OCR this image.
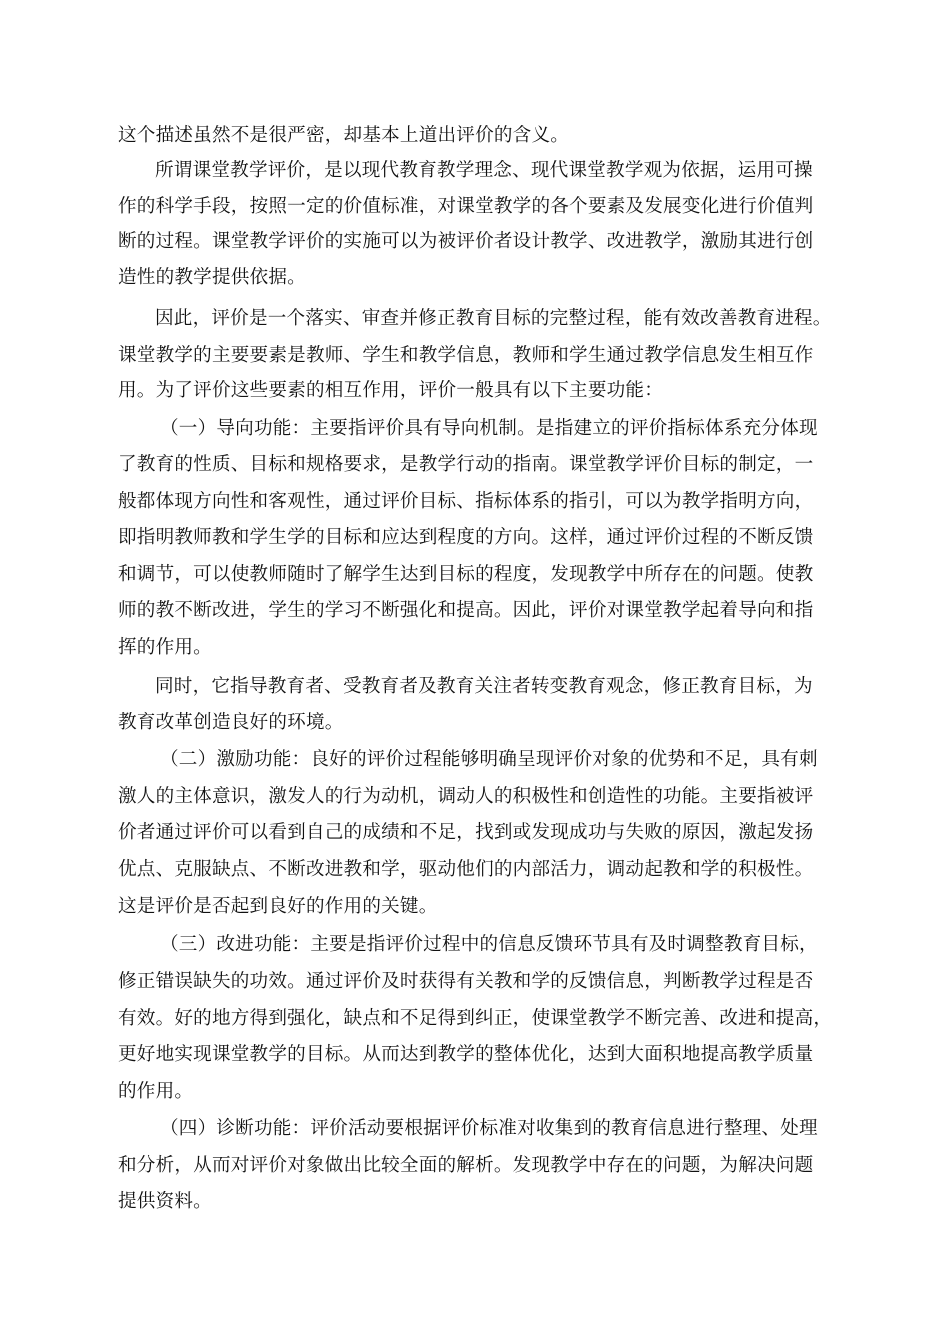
这个描述虽然不是很严密，却基本上道出评价的含义。

所谓课堂教学评价，是以现代教育教学理念、现代课堂教学观为依据，运用可操

作的科学手段，按照一定的价值标准，对课堂教学的各个要素及发展变化进行价值判

断的过程。课堂教学评价的实施可以为被评价者设计教学、改进教学，激励其进行创

造性的教学提供依据。

因此，评价是一个落实、审查并修正教育目标的完整过程，能有效改善教育进程。

课堂教学的主要要素是教师、学生和教学信息，教师和学生通过教学信息发生相互作

用。为了评价这些要素的相互作用，评价一般具有以下主要功能：

（一）导向功能：主要指评价具有导向机制。是指建立的评价指标体系充分体现

了教育的性质、目标和规格要求，是教学行动的指南。课堂教学评价目标的制定，一

般都体现方向性和客观性，通过评价目标、指标体系的指引，可以为教学指明方向，

即指明教师教和学生学的目标和应达到程度的方向。这样，通过评价过程的不断反馈

和调节，可以使教师随时了解学生达到目标的程度，发现教学中所存在的问题。使教

师的教不断改进，学生的学习不断强化和提高。因此，评价对课堂教学起着导向和指

挥的作用。

同时，它指导教育者、受教育者及教育关注者转变教育观念，修正教育目标，为

教育改革创造良好的环境。

（二）激励功能：良好的评价过程能够明确呈现评价对象的优势和不足，具有刺

激人的主体意识，激发人的行为动机，调动人的积极性和创造性的功能。主要指被评

价者通过评价可以看到自己的成绩和不足，找到或发现成功与失败的原因，激起发扬

优点、克服缺点、不断改进教和学，驱动他们的内部活力，调动起教和学的积极性。

这是评价是否起到良好的作用的关键。

（三）改进功能：主要是指评价过程中的信息反馈环节具有及时调整教育目标，

修正错误缺失的功效。通过评价及时获得有关教和学的反馈信息，判断教学过程是否

有效。好的地方得到强化，缺点和不足得到纠正，使课堂教学不断完善、改进和提高，

更好地实现课堂教学的目标。从而达到教学的整体优化，达到大面积地提高教学质量

的作用。

（四）诊断功能：评价活动要根据评价标准对收集到的教育信息进行整理、处理

和分析，从而对评价对象做出比较全面的解析。发现教学中存在的问题，为解决问题

提供资料。
